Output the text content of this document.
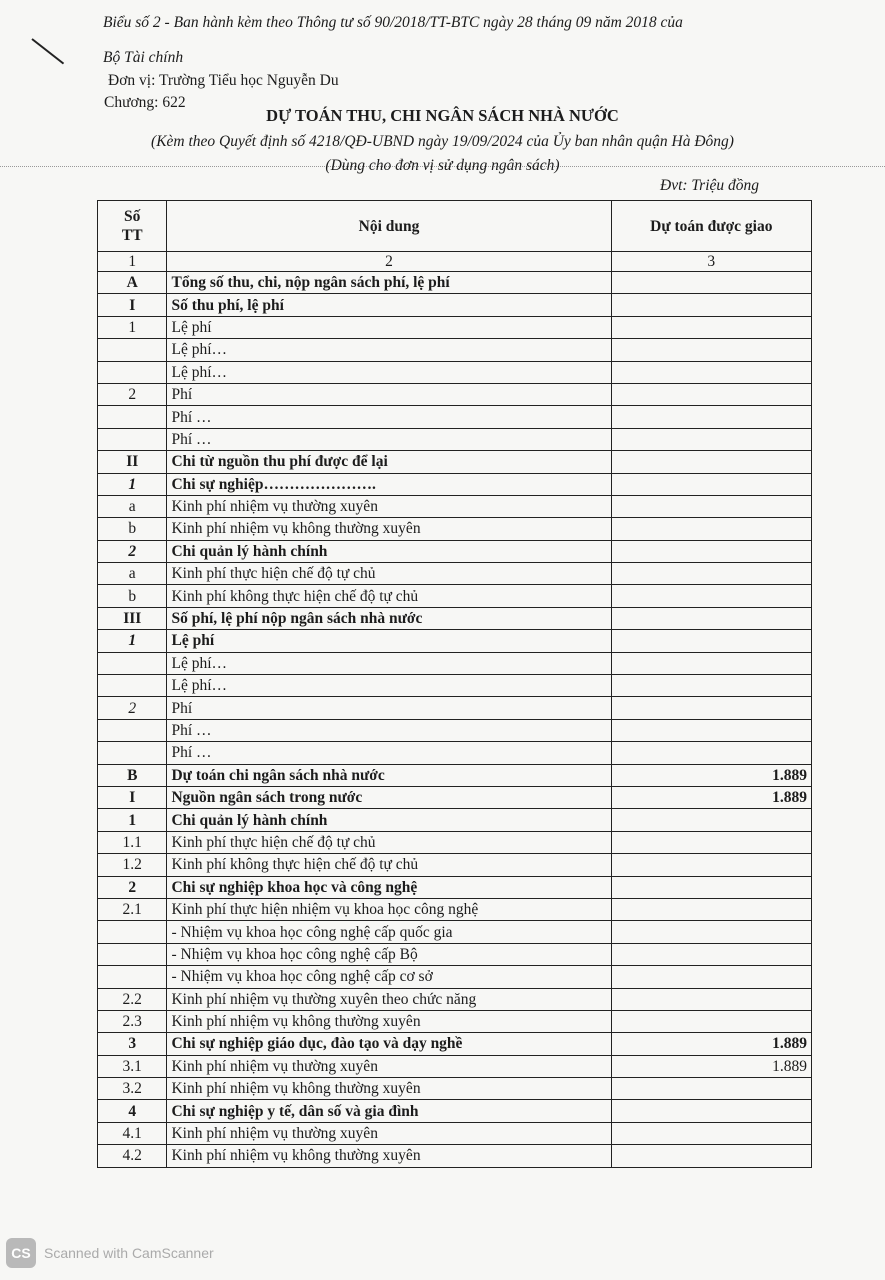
Biểu số 2 - Ban hành kèm theo Thông tư số 90/2018/TT-BTC ngày 28 tháng 09 năm 2018 của
Bộ Tài chính
Đơn vị: Trường Tiểu học Nguyễn Du
Chương: 622
DỰ TOÁN THU, CHI NGÂN SÁCH NHÀ NƯỚC
(Kèm theo Quyết định số 4218/QĐ-UBND ngày 19/09/2024 của Ủy ban nhân quận Hà Đông)
(Dùng cho đơn vị sử dụng ngân sách)
Đvt: Triệu đồng
Số
TT	Nội dung	Dự toán được giao
1	2	3
A	Tổng số thu, chi, nộp ngân sách phí, lệ phí	
I	Số thu phí, lệ phí	
1	Lệ phí	
	Lệ phí…	
	Lệ phí…	
2	Phí	
	Phí …	
	Phí …	
II	Chi từ nguồn thu phí được để lại	
1	Chi sự nghiệp………………….	
a	Kinh phí nhiệm vụ thường xuyên	
b	Kinh phí nhiệm vụ không thường xuyên	
2	Chi quản lý hành chính	
a	Kinh phí thực hiện chế độ tự chủ	
b	Kinh phí không thực hiện chế độ tự chủ	
III	Số phí, lệ phí nộp ngân sách nhà nước	
1	Lệ phí	
	Lệ phí…	
	Lệ phí…	
2	Phí	
	Phí …	
	Phí …	
B	Dự toán chi ngân sách nhà nước	1.889
I	Nguồn ngân sách trong nước	1.889
1	Chi quản lý hành chính	
1.1	Kinh phí thực hiện chế độ tự chủ	
1.2	Kinh phí không thực hiện chế độ tự chủ	
2	Chi sự nghiệp khoa học và công nghệ	
2.1	Kinh phí thực hiện nhiệm vụ khoa học công nghệ	
	- Nhiệm vụ khoa học công nghệ cấp quốc gia	
	- Nhiệm vụ khoa học công nghệ cấp Bộ	
	- Nhiệm vụ khoa học công nghệ cấp cơ sở	
2.2	Kinh phí nhiệm vụ thường xuyên theo chức năng	
2.3	Kinh phí nhiệm vụ không thường xuyên	
3	Chi sự nghiệp giáo dục, đào tạo và dạy nghề	1.889
3.1	Kinh phí nhiệm vụ thường xuyên	1.889
3.2	Kinh phí nhiệm vụ không thường xuyên	
4	Chi sự nghiệp y tế, dân số và gia đình	
4.1	Kinh phí nhiệm vụ thường xuyên	
4.2	Kinh phí nhiệm vụ không thường xuyên	
CS Scanned with CamScanner
